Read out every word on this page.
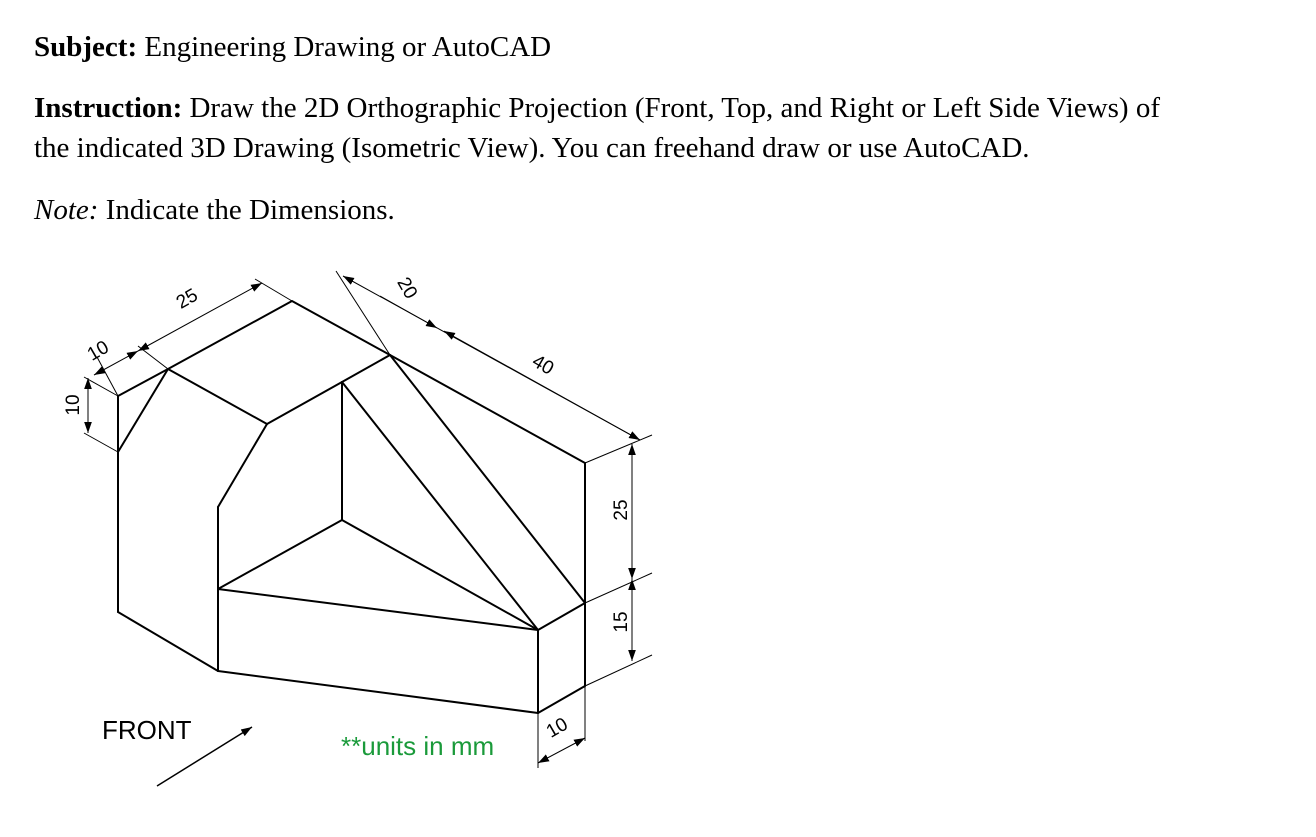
Subject: Engineering Drawing or AutoCAD
Instruction: Draw the 2D Orthographic Projection (Front, Top, and Right or Left Side Views) of
the indicated 3D Drawing (Isometric View). You can freehand draw or use AutoCAD.
Note: Indicate the Dimensions.
10
10
25	20
40
25
15
10
FRONT
**units in mm
